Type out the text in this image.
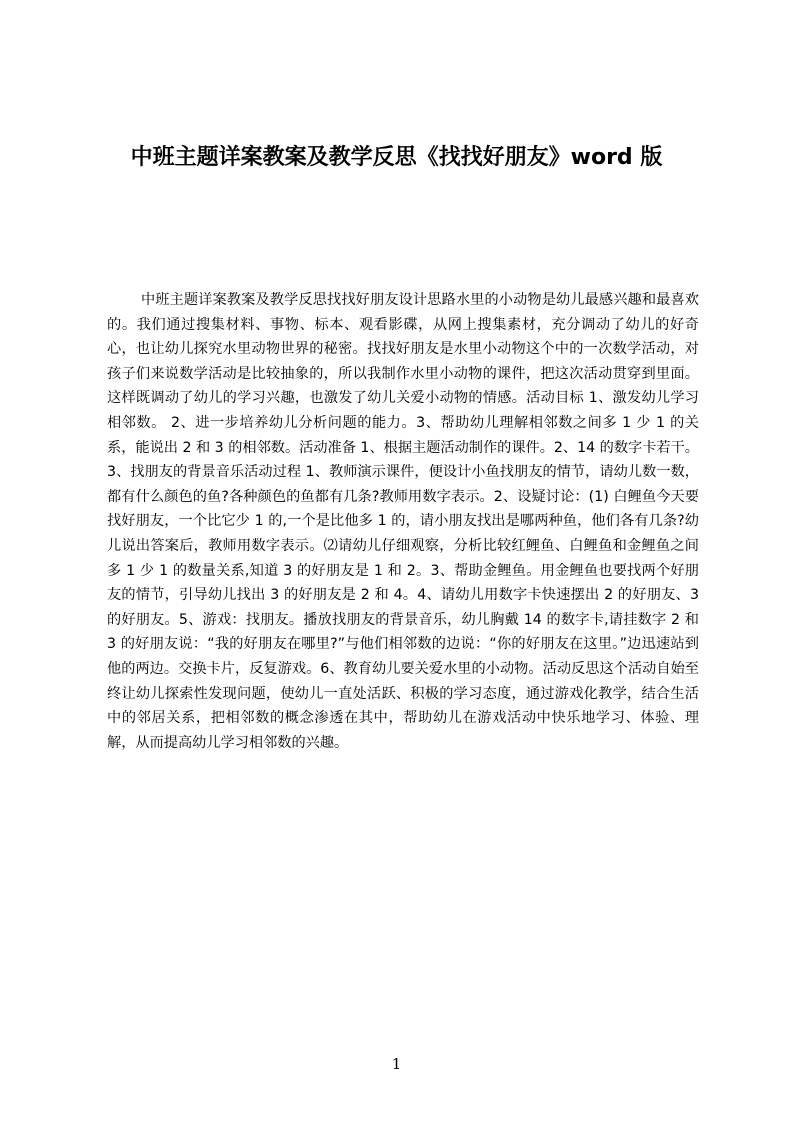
中班主题详案教案及教学反思《找找好朋友》word 版

中班主题详案教案及教学反思找找好朋友设计思路水里的小动物是幼儿最感兴趣和最喜欢的。我们通过搜集材料、事物、标本、观看影碟，从网上搜集素材，充分调动了幼儿的好奇心，也让幼儿探究水里动物世界的秘密。找找好朋友是水里小动物这个中的一次数学活动，对孩子们来说数学活动是比较抽象的，所以我制作水里小动物的课件，把这次活动贯穿到里面。这样既调动了幼儿的学习兴趣，也激发了幼儿关爱小动物的情感。活动目标 1、激发幼儿学习相邻数。 2、进一步培养幼儿分析问题的能力。3、帮助幼儿理解相邻数之间多 1 少 1 的关系，能说出 2 和 3 的相邻数。活动准备 1、根据主题活动制作的课件。2、14 的数字卡若干。3、找朋友的背景音乐活动过程 1、教师演示课件，便设计小鱼找朋友的情节，请幼儿数一数，都有什么颜色的鱼?各种颜色的鱼都有几条?教师用数字表示。2、设疑讨论：(1) 白鲤鱼今天要找好朋友，一个比它少 1 的,一个是比他多 1 的，请小朋友找出是哪两种鱼，他们各有几条?幼儿说出答案后，教师用数字表示。⑵请幼儿仔细观察，分析比较红鲤鱼、白鲤鱼和金鲤鱼之间多 1 少 1 的数量关系,知道 3 的好朋友是 1 和 2。3、帮助金鲤鱼。用金鲤鱼也要找两个好朋友的情节，引导幼儿找出 3 的好朋友是 2 和 4。4、请幼儿用数字卡快速摆出 2 的好朋友、3 的好朋友。5、游戏：找朋友。播放找朋友的背景音乐，幼儿胸戴 14 的数字卡,请挂数字 2 和 3 的好朋友说：“我的好朋友在哪里?”与他们相邻数的边说：“你的好朋友在这里。”边迅速站到他的两边。交换卡片，反复游戏。6、教育幼儿要关爱水里的小动物。活动反思这个活动自始至终让幼儿探索性发现问题，使幼儿一直处活跃、积极的学习态度，通过游戏化教学，结合生活中的邻居关系，把相邻数的概念渗透在其中，帮助幼儿在游戏活动中快乐地学习、体验、理解，从而提高幼儿学习相邻数的兴趣。

1
